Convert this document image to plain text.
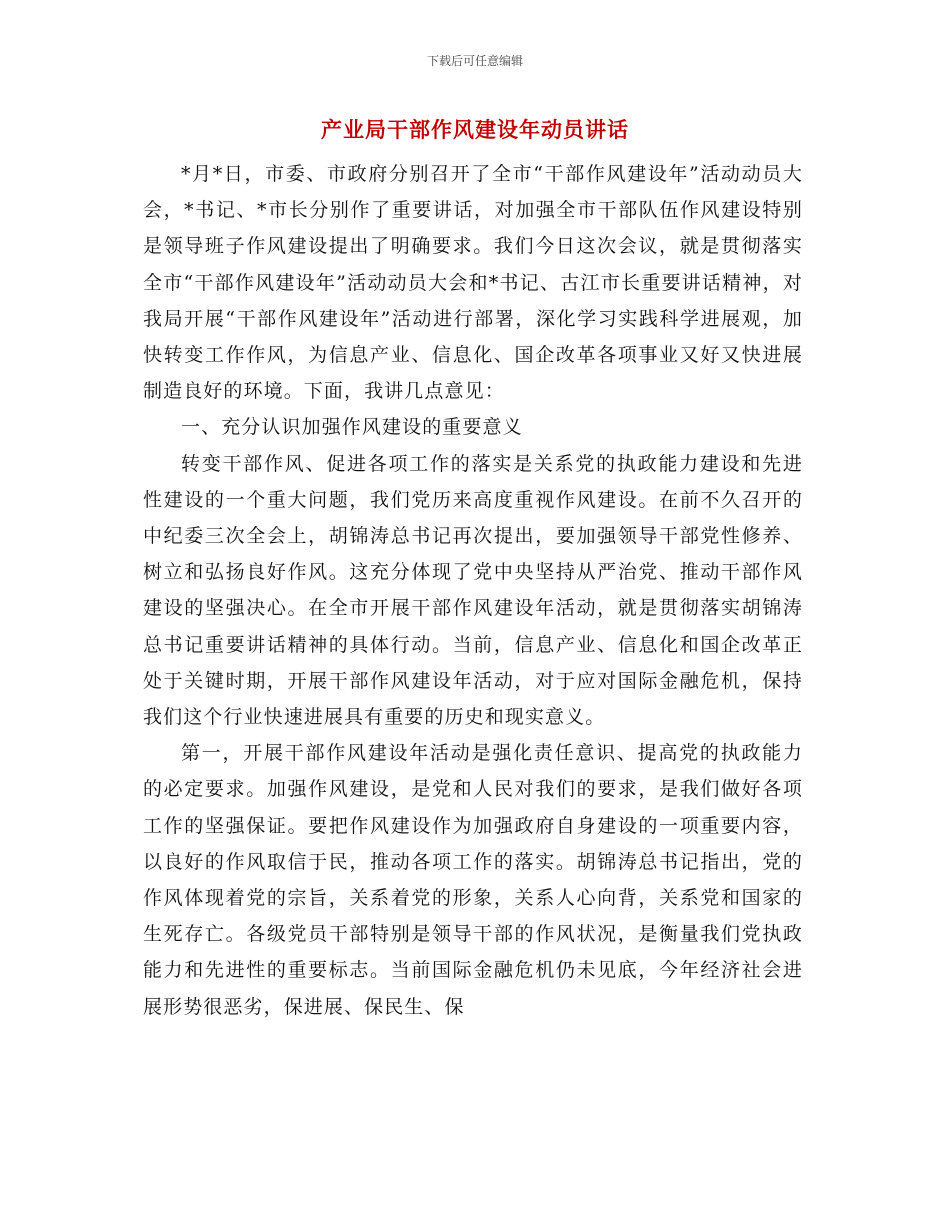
下载后可任意编辑
产业局干部作风建设年动员讲话

*月*日，市委、市政府分别召开了全市“干部作风建设年”活动动员大会，*书记、*市长分别作了重要讲话，对加强全市干部队伍作风建设特别是领导班子作风建设提出了明确要求。我们今日这次会议，就是贯彻落实全市“干部作风建设年”活动动员大会和*书记、古江市长重要讲话精神，对我局开展“干部作风建设年”活动进行部署，深化学习实践科学进展观，加快转变工作作风，为信息产业、信息化、国企改革各项事业又好又快进展制造良好的环境。下面，我讲几点意见：

一、充分认识加强作风建设的重要意义

转变干部作风、促进各项工作的落实是关系党的执政能力建设和先进性建设的一个重大问题，我们党历来高度重视作风建设。在前不久召开的中纪委三次全会上，胡锦涛总书记再次提出，要加强领导干部党性修养、树立和弘扬良好作风。这充分体现了党中央坚持从严治党、推动干部作风建设的坚强决心。在全市开展干部作风建设年活动，就是贯彻落实胡锦涛总书记重要讲话精神的具体行动。当前，信息产业、信息化和国企改革正处于关键时期，开展干部作风建设年活动，对于应对国际金融危机，保持我们这个行业快速进展具有重要的历史和现实意义。

第一，开展干部作风建设年活动是强化责任意识、提高党的执政能力的必定要求。加强作风建设，是党和人民对我们的要求，是我们做好各项工作的坚强保证。要把作风建设作为加强政府自身建设的一项重要内容，以良好的作风取信于民，推动各项工作的落实。胡锦涛总书记指出，党的作风体现着党的宗旨，关系着党的形象，关系人心向背，关系党和国家的生死存亡。各级党员干部特别是领导干部的作风状况，是衡量我们党执政能力和先进性的重要标志。当前国际金融危机仍未见底，今年经济社会进展形势很恶劣，保进展、保民生、保
